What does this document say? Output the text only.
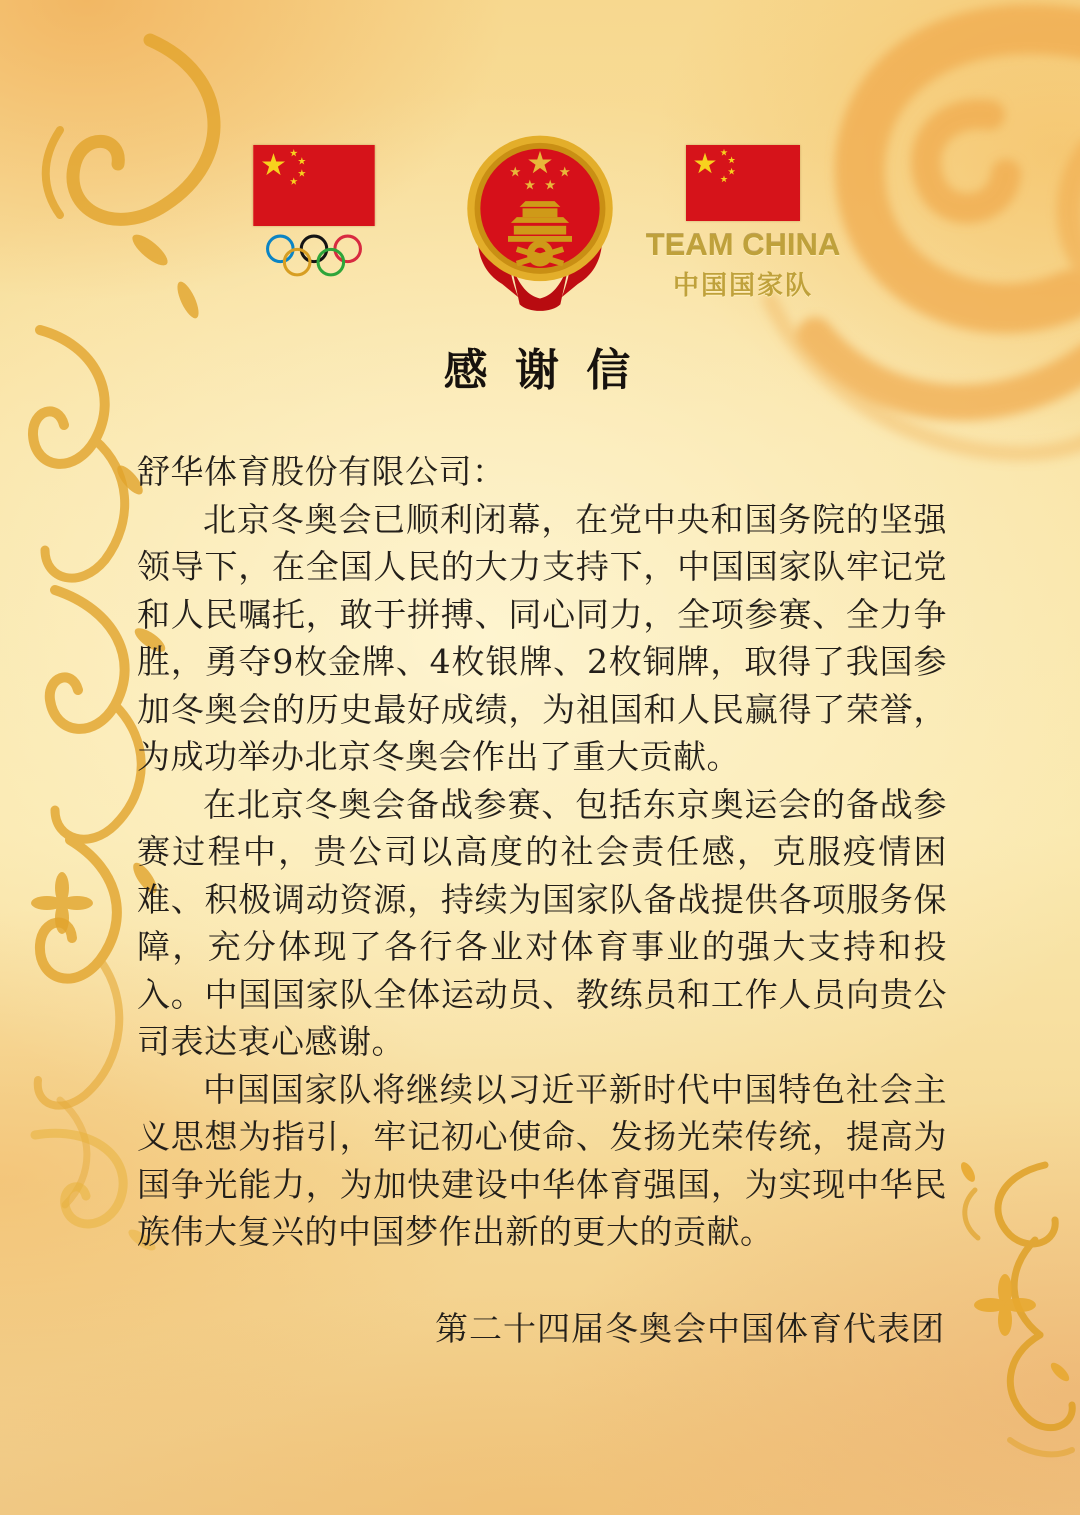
TEAM CHINA
中国国家队
感 谢 信

舒华体育股份有限公司：

北京冬奥会已顺利闭幕，在党中央和国务院的坚强领导下，在全国人民的大力支持下，中国国家队牢记党和人民嘱托，敢于拼搏、同心同力，全项参赛、全力争胜，勇夺9枚金牌、4枚银牌、2枚铜牌，取得了我国参加冬奥会的历史最好成绩，为祖国和人民赢得了荣誉，为成功举办北京冬奥会作出了重大贡献。

在北京冬奥会备战参赛、包括东京奥运会的备战参赛过程中，贵公司以高度的社会责任感，克服疫情困难、积极调动资源，持续为国家队备战提供各项服务保障，充分体现了各行各业对体育事业的强大支持和投入。中国国家队全体运动员、教练员和工作人员向贵公司表达衷心感谢。

中国国家队将继续以习近平新时代中国特色社会主义思想为指引，牢记初心使命、发扬光荣传统，提高为国争光能力，为加快建设中华体育强国，为实现中华民族伟大复兴的中国梦作出新的更大的贡献。

第二十四届冬奥会中国体育代表团
